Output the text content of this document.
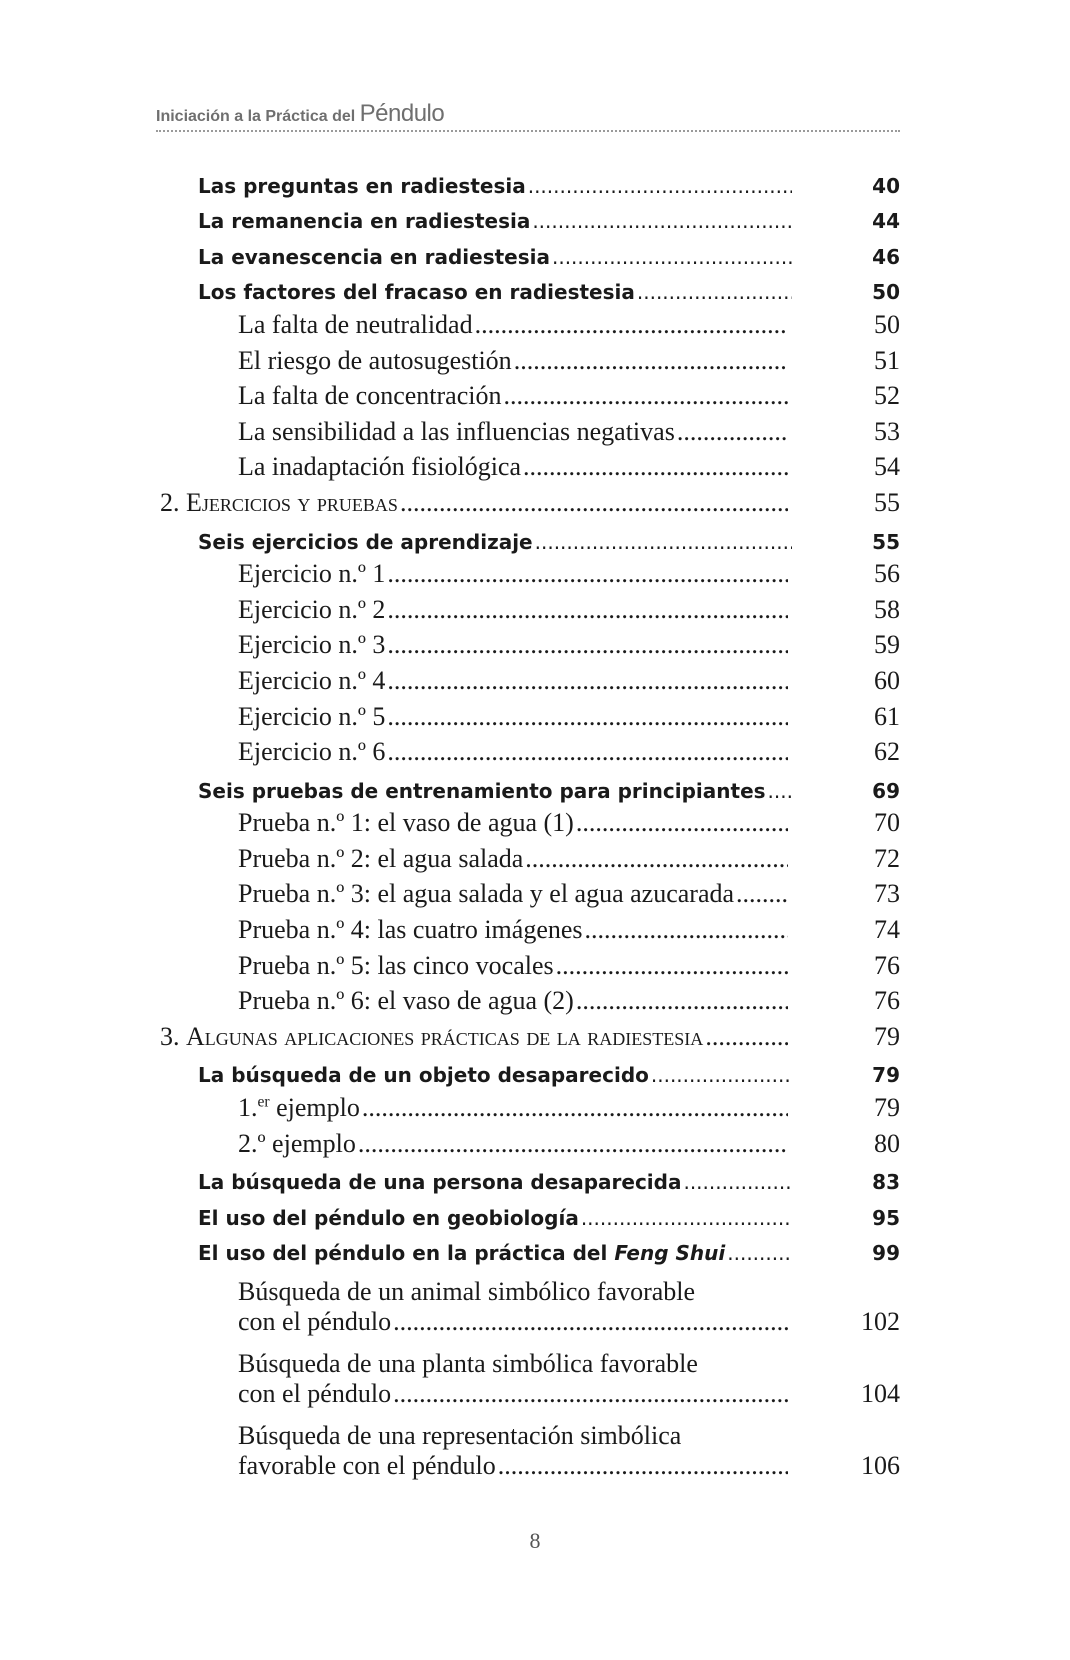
Iniciación a la Práctica del Péndulo
Las preguntas en radiestesia .....	40
La remanencia en radiestesia .....	44
La evanescencia en radiestesia .....	46
Los factores del fracaso en radiestesia .....	50
La falta de neutralidad .....	50
El riesgo de autosugestión .....	51
La falta de concentración .....	52
La sensibilidad a las influencias negativas .....	53
La inadaptación fisiológica .....	54
2. Ejercicios y pruebas .....	55
Seis ejercicios de aprendizaje .....	55
Ejercicio n.º 1 .....	56
Ejercicio n.º 2 .....	58
Ejercicio n.º 3 .....	59
Ejercicio n.º 4 .....	60
Ejercicio n.º 5 .....	61
Ejercicio n.º 6 .....	62
Seis pruebas de entrenamiento para principiantes .....	69
Prueba n.º 1: el vaso de agua (1) .....	70
Prueba n.º 2: el agua salada .....	72
Prueba n.º 3: el agua salada y el agua azucarada .....	73
Prueba n.º 4: las cuatro imágenes .....	74
Prueba n.º 5: las cinco vocales .....	76
Prueba n.º 6: el vaso de agua (2) .....	76
3. Algunas aplicaciones prácticas de la radiestesia .....	79
La búsqueda de un objeto desaparecido .....	79
1.$^{er}$ ejemplo .....	79
2.º ejemplo .....	80
La búsqueda de una persona desaparecida .....	83
El uso del péndulo en geobiología .....	95
El uso del péndulo en la práctica del Feng Shui .....	99
Búsqueda de un animal simbólico favorable
con el péndulo .....	102
Búsqueda de una planta simbólica favorable
con el péndulo .....	104
Búsqueda de una representación simbólica
favorable con el péndulo .....	106
8
